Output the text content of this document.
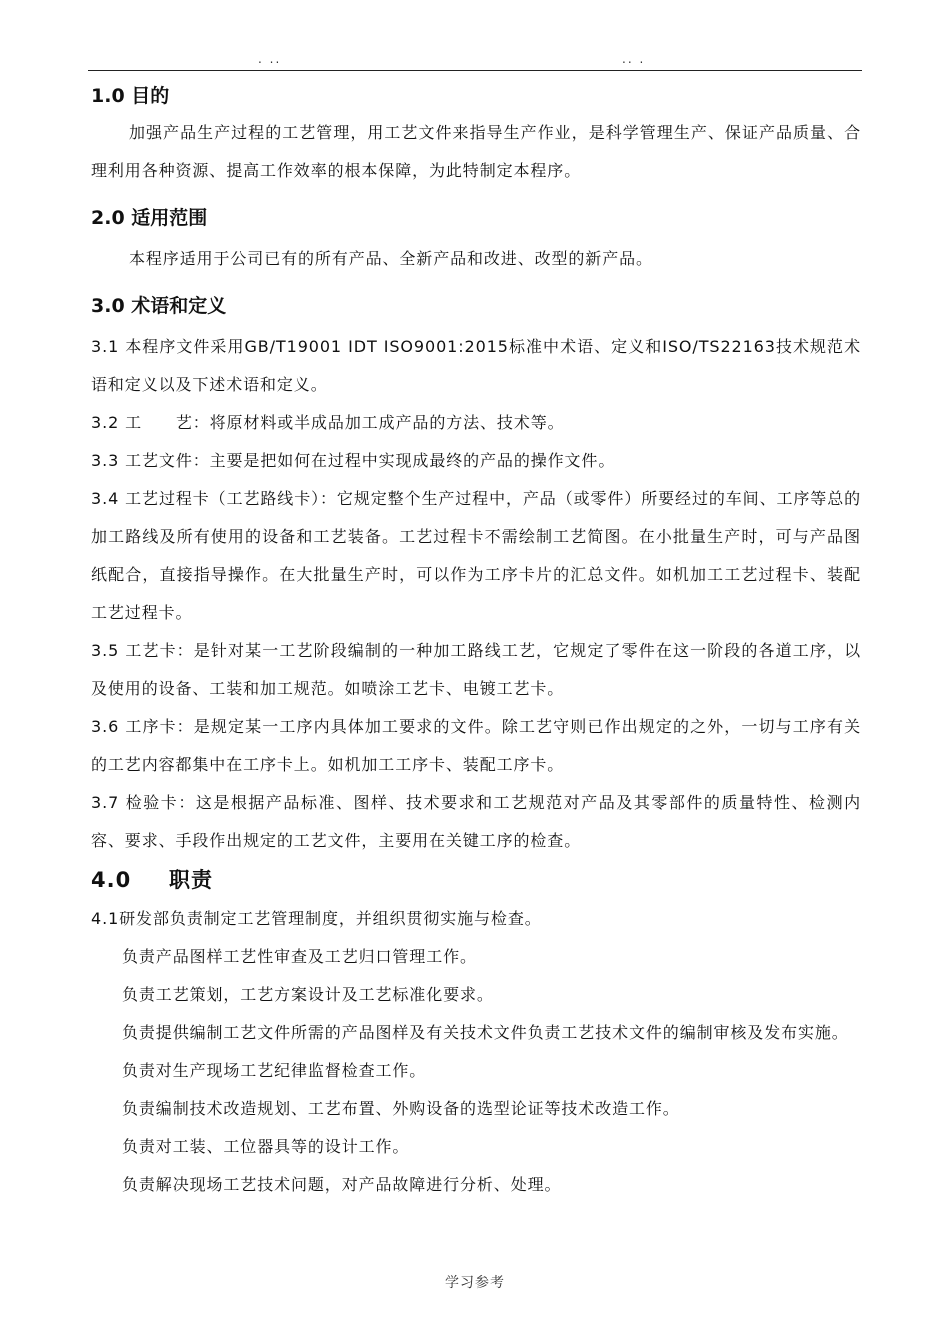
. ..	.. .
1.0 目的

加强产品生产过程的工艺管理，用工艺文件来指导生产作业，是科学管理生产、保证产品质量、合理利用各种资源、提高工作效率的根本保障，为此特制定本程序。

2.0 适用范围

本程序适用于公司已有的所有产品、全新产品和改进、改型的新产品。

3.0 术语和定义

3.1 本程序文件采用GB/T19001 IDT ISO9001:2015标准中术语、定义和ISO/TS22163技术规范术语和定义以及下述术语和定义。

3.2 工　　艺：将原材料或半成品加工成产品的方法、技术等。

3.3 工艺文件：主要是把如何在过程中实现成最终的产品的操作文件。

3.4 工艺过程卡（工艺路线卡）：它规定整个生产过程中，产品（或零件）所要经过的车间、工序等总的加工路线及所有使用的设备和工艺装备。工艺过程卡不需绘制工艺简图。在小批量生产时，可与产品图纸配合，直接指导操作。在大批量生产时，可以作为工序卡片的汇总文件。如机加工工艺过程卡、装配工艺过程卡。

3.5 工艺卡：是针对某一工艺阶段编制的一种加工路线工艺，它规定了零件在这一阶段的各道工序，以及使用的设备、工装和加工规范。如喷涂工艺卡、电镀工艺卡。

3.6 工序卡：是规定某一工序内具体加工要求的文件。除工艺守则已作出规定的之外，一切与工序有关的工艺内容都集中在工序卡上。如机加工工序卡、装配工序卡。

3.7 检验卡：这是根据产品标准、图样、技术要求和工艺规范对产品及其零部件的质量特性、检测内容、要求、手段作出规定的工艺文件，主要用在关键工序的检查。

4.0 职责

4.1研发部负责制定工艺管理制度，并组织贯彻实施与检查。

负责产品图样工艺性审查及工艺归口管理工作。

负责工艺策划，工艺方案设计及工艺标准化要求。

负责提供编制工艺文件所需的产品图样及有关技术文件负责工艺技术文件的编制审核及发布实施。

负责对生产现场工艺纪律监督检查工作。

负责编制技术改造规划、工艺布置、外购设备的选型论证等技术改造工作。

负责对工装、工位器具等的设计工作。

负责解决现场工艺技术问题，对产品故障进行分析、处理。

学习参考
